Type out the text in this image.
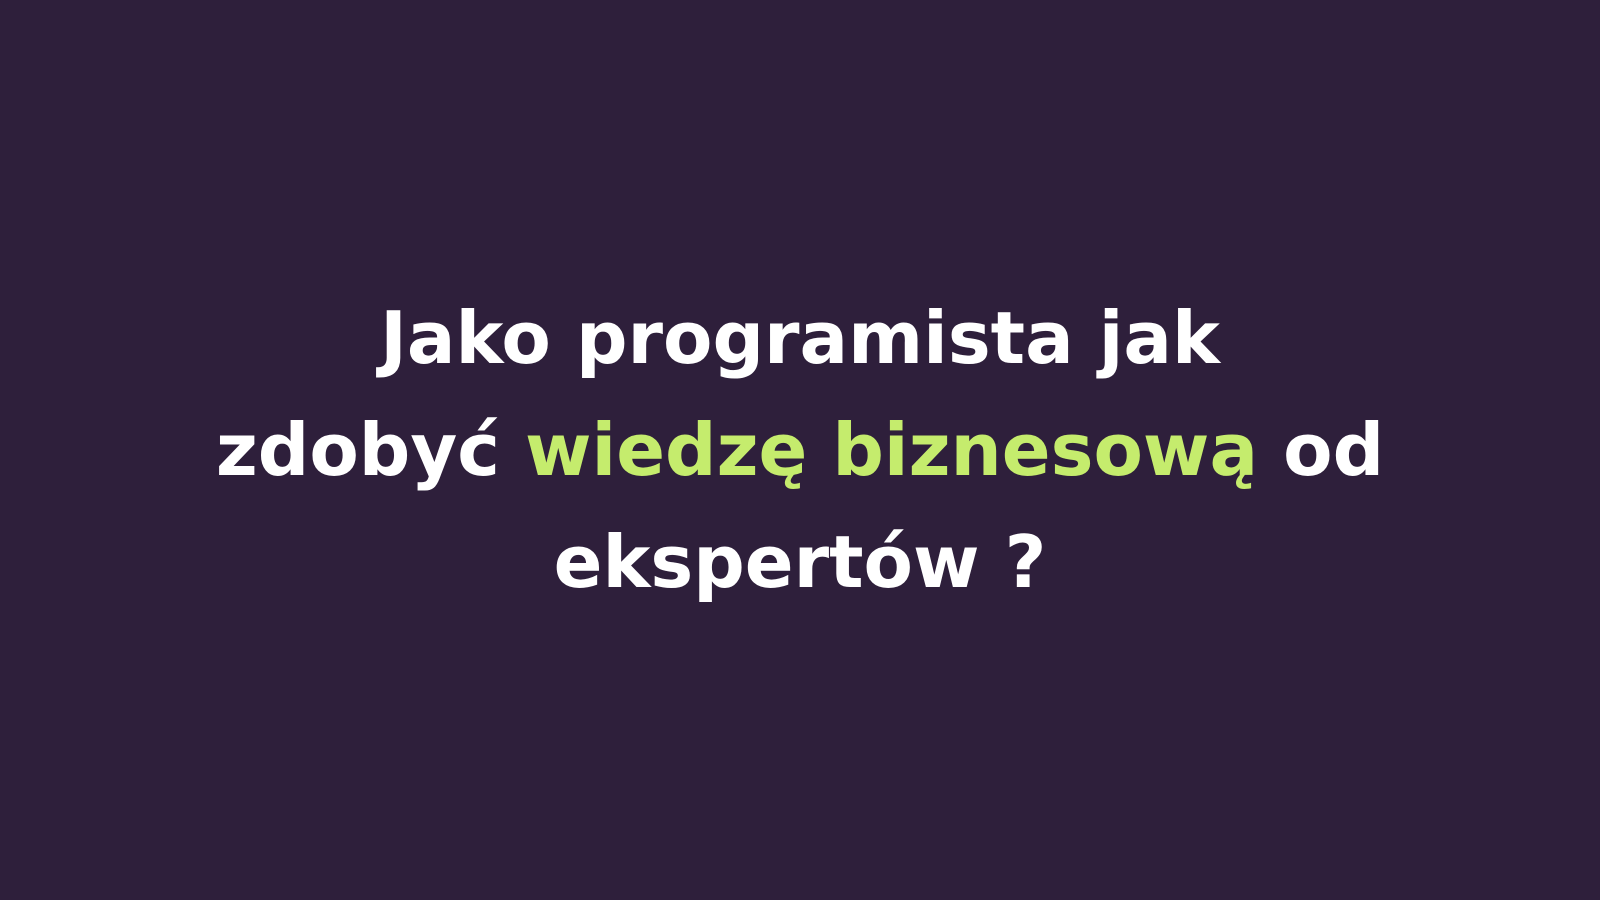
Jako programista jak
zdobyć wiedzę biznesową od
ekspertów ?
